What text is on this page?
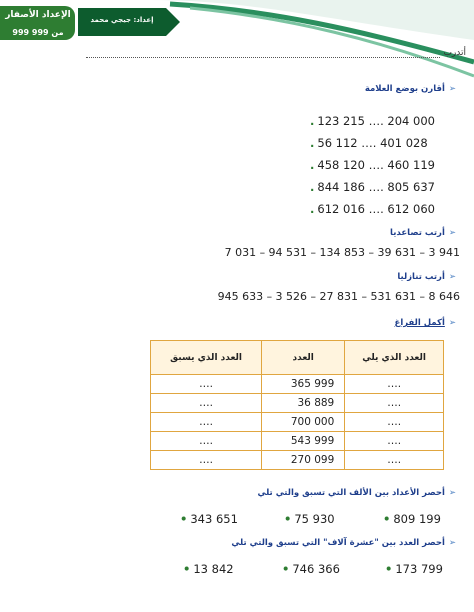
الإعداد الأصفار
من 999 999
إعداد: جيجي محمد
أتدرب
➢أقارن بوضع العلامة
. 123 215 …. 204 000
. 56 112 …. 401 028
. 458 120 …. 460 119
. 844 186 …. 805 637
. 612 016 …. 612 060
➢أرتب تصاعديا
7 031 – 94 531 – 134 853 – 39 631 – 3 941
➢أرتب تنازليا
945 633 – 3 526 – 27 831 – 531 631 – 8 646
➢أكمل الفراغ
العدد الذي يسبق	العدد	العدد الذي يلي
….	365 999	….
….	36 889	….
….	700 000	….
….	543 999	….
….	270 099	….
➢أحصر الأعداد بين الألف التي تسبق والتي تلي
• 343 651	• 75 930	• 809 199
➢أحصر العدد بين "عشرة آلاف" التي تسبق والتي تلي
• 13 842	• 746 366	• 173 799
